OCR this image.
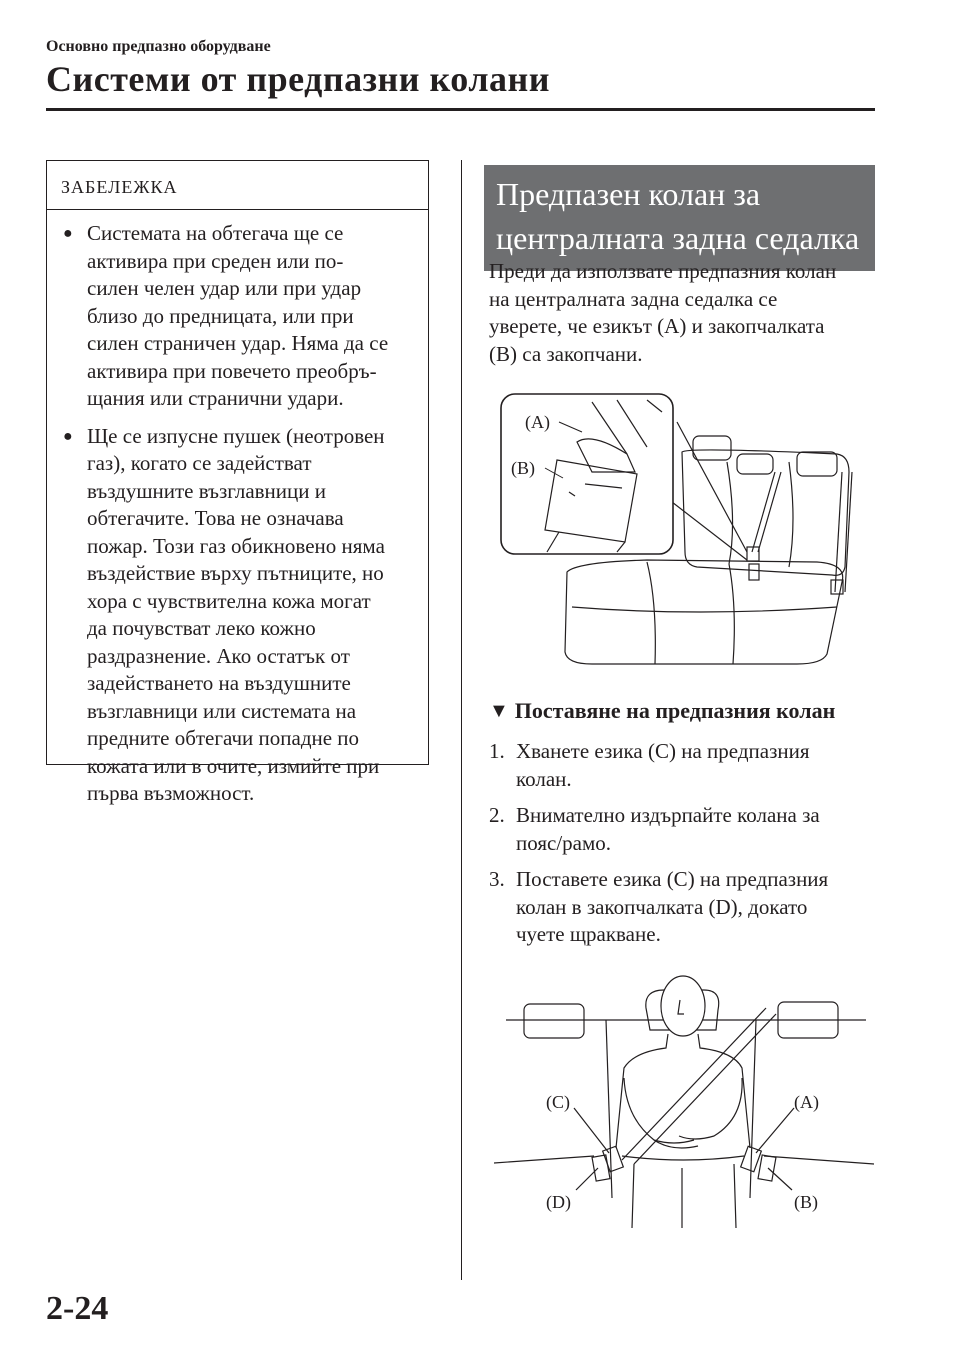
Основно предпазно оборудване
Системи от предпазни колани
ЗАБЕЛЕЖКА
● Системата на обтегача ще се
активира при среден или по-
силен челен удар или при удар
близо до предницата, или при
силен страничен удар. Няма да се
активира при повечето преобръ-
щания или странични удари.
● Ще се изпусне пушек (неотровен
газ), когато се задействат
въздушните възглавници и
обтегачите. Това не означава
пожар. Този газ обикновено няма
въздействие върху пътниците, но
хора с чувствителна кожа могат
да почувстват леко кожно
раздразнение. Ако остатък от
задействането на въздушните
възглавници или системата на
предните обтегачи попадне по
кожата или в очите, измийте при
първа възможност.
Предпазен колан за
централната задна седалка
Преди да използвате предпазния колан
на централната задна седалка се
уверете, че езикът (A) и закопчалката
(B) са закопчани.
(A)
(B)
▼ Поставяне на предпазния колан
1. Хванете езика (C) на предпазния
колан.
2. Внимателно издърпайте колана за
пояс/рамо.
3. Поставете езика (C) на предпазния
колан в закопчалката (D), докато
чуете щракване.
(C)	(A)
(D)	(B)
2-24
